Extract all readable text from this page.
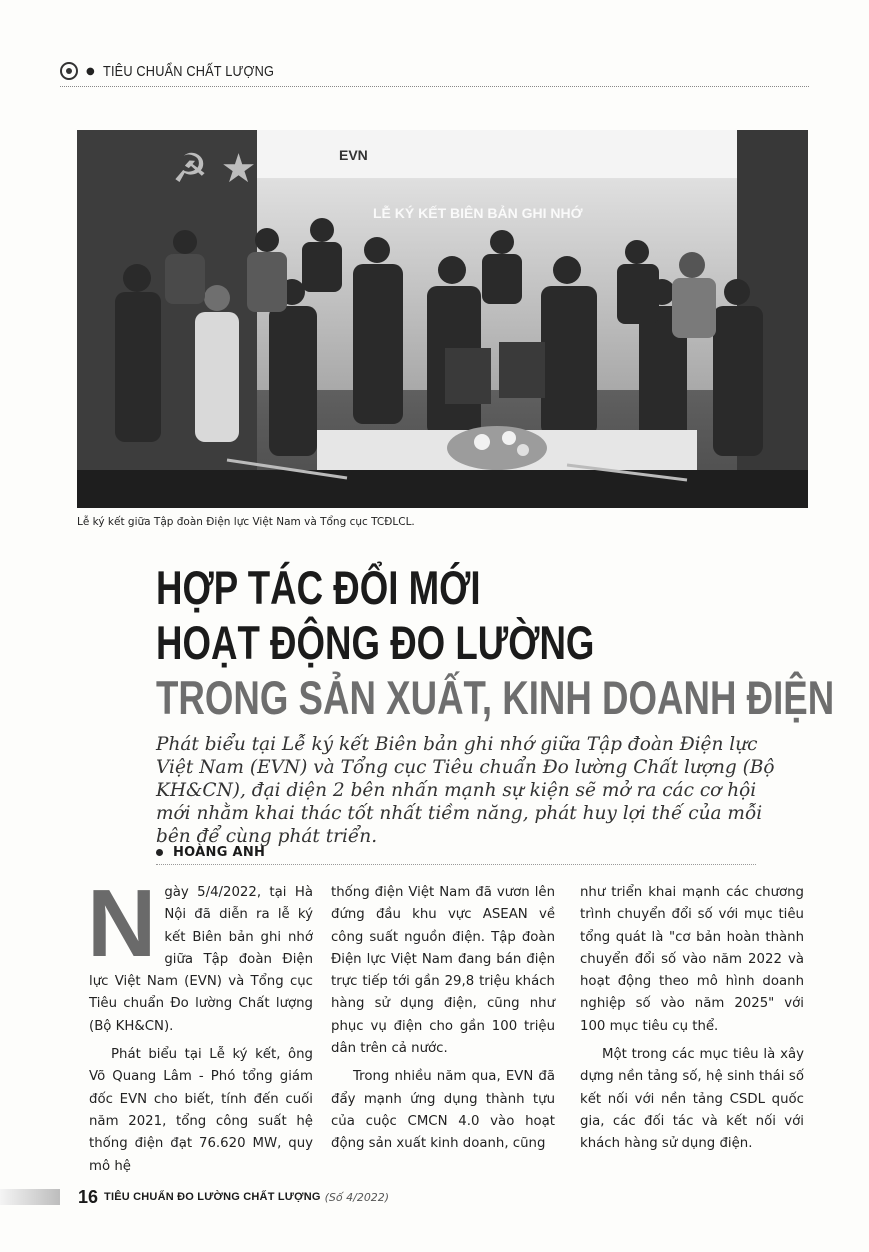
● TIÊU CHUẨN CHẤT LƯỢNG
☭ ★	EVN
LỄ KÝ KẾT BIÊN BẢN GHI NHỚ
Lễ ký kết giữa Tập đoàn Điện lực Việt Nam và Tổng cục TCĐLCL.
HỢP TÁC ĐỔI MỚI
HOẠT ĐỘNG ĐO LƯỜNG
TRONG SẢN XUẤT, KINH DOANH ĐIỆN
Phát biểu tại Lễ ký kết Biên bản ghi nhớ giữa Tập đoàn Điện lực Việt Nam (EVN) và Tổng cục Tiêu chuẩn Đo lường Chất lượng (Bộ KH&CN), đại diện 2 bên nhấn mạnh sự kiện sẽ mở ra các cơ hội mới nhằm khai thác tốt nhất tiềm năng, phát huy lợi thế của mỗi bên để cùng phát triển.
HOÀNG ANH

Ngày 5/4/2022, tại Hà Nội đã diễn ra lễ ký kết Biên bản ghi nhớ giữa Tập đoàn Điện lực Việt Nam (EVN) và Tổng cục Tiêu chuẩn Đo lường Chất lượng (Bộ KH&CN).

Phát biểu tại Lễ ký kết, ông Võ Quang Lâm - Phó tổng giám đốc EVN cho biết, tính đến cuối năm 2021, tổng công suất hệ thống điện đạt 76.620 MW, quy mô hệ

thống điện Việt Nam đã vươn lên đứng đầu khu vực ASEAN về công suất nguồn điện. Tập đoàn Điện lực Việt Nam đang bán điện trực tiếp tới gần 29,8 triệu khách hàng sử dụng điện, cũng như phục vụ điện cho gần 100 triệu dân trên cả nước.

Trong nhiều năm qua, EVN đã đẩy mạnh ứng dụng thành tựu của cuộc CMCN 4.0 vào hoạt động sản xuất kinh doanh, cũng

như triển khai mạnh các chương trình chuyển đổi số với mục tiêu tổng quát là "cơ bản hoàn thành chuyển đổi số vào năm 2022 và hoạt động theo mô hình doanh nghiệp số vào năm 2025" với 100 mục tiêu cụ thể.

Một trong các mục tiêu là xây dựng nền tảng số, hệ sinh thái số kết nối với nền tảng CSDL quốc gia, các đối tác và kết nối với khách hàng sử dụng điện.

16 TIÊU CHUẨN ĐO LƯỜNG CHẤT LƯỢNG (Số 4/2022)
